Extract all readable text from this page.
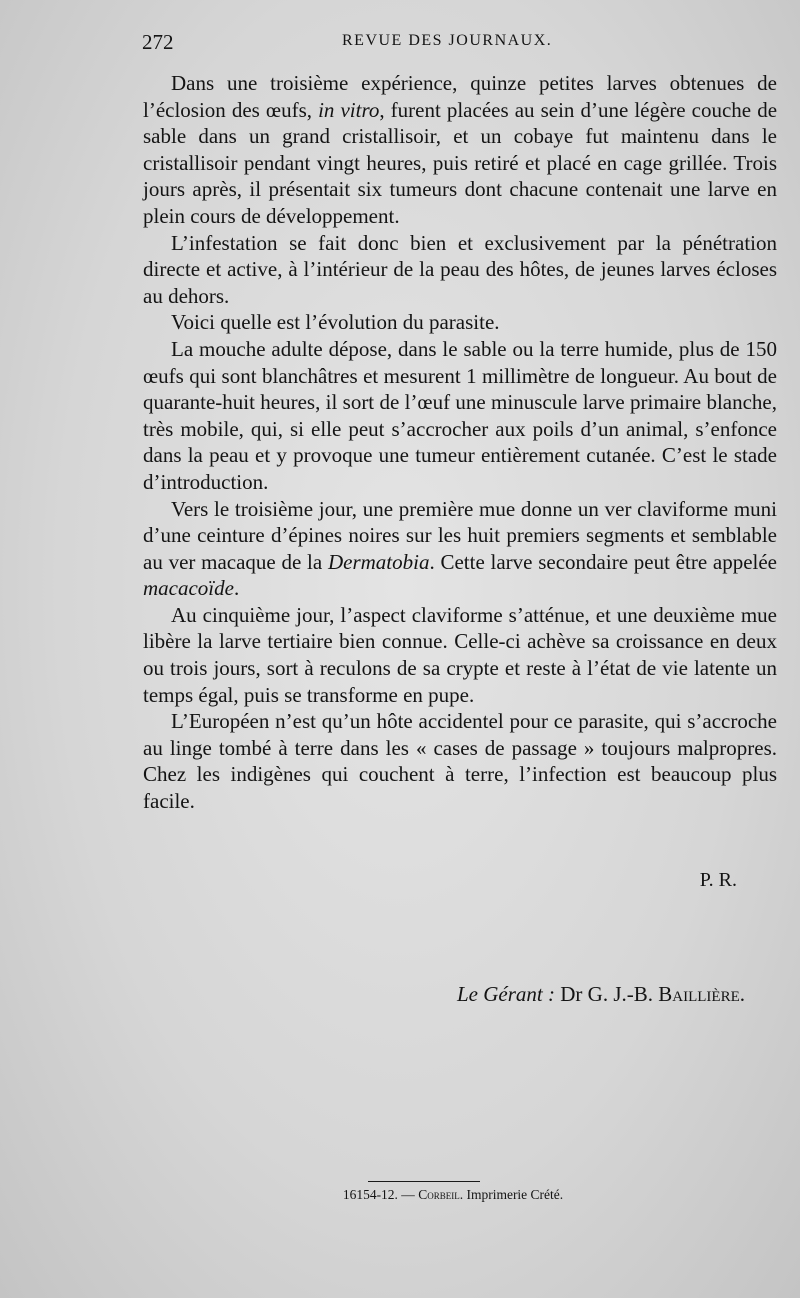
272	REVUE DES JOURNAUX.

Dans une troisième expérience, quinze petites larves obtenues de l’éclosion des œufs, in vitro, furent placées au sein d’une légère couche de sable dans un grand cristallisoir, et un cobaye fut maintenu dans le cristallisoir pendant vingt heures, puis retiré et placé en cage grillée. Trois jours après, il présentait six tumeurs dont chacune contenait une larve en plein cours de développement.

L’infestation se fait donc bien et exclusivement par la pénétration directe et active, à l’intérieur de la peau des hôtes, de jeunes larves écloses au dehors.

Voici quelle est l’évolution du parasite.

La mouche adulte dépose, dans le sable ou la terre humide, plus de 150 œufs qui sont blanchâtres et mesurent 1 millimètre de longueur. Au bout de quarante-huit heures, il sort de l’œuf une minuscule larve primaire blanche, très mobile, qui, si elle peut s’accrocher aux poils d’un animal, s’enfonce dans la peau et y provoque une tumeur entièrement cutanée. C’est le stade d’introduction.

Vers le troisième jour, une première mue donne un ver claviforme muni d’une ceinture d’épines noires sur les huit premiers segments et semblable au ver macaque de la Dermatobia. Cette larve secondaire peut être appelée macacoïde.

Au cinquième jour, l’aspect claviforme s’atténue, et une deuxième mue libère la larve tertiaire bien connue. Celle-ci achève sa croissance en deux ou trois jours, sort à reculons de sa crypte et reste à l’état de vie latente un temps égal, puis se transforme en pupe.

L’Européen n’est qu’un hôte accidentel pour ce parasite, qui s’accroche au linge tombé à terre dans les « cases de passage » toujours malpropres. Chez les indigènes qui couchent à terre, l’infection est beaucoup plus facile.

P. R.
Le Gérant : Dr G. J.-B. Baillière.
16154-12. — Corbeil. Imprimerie Crété.
